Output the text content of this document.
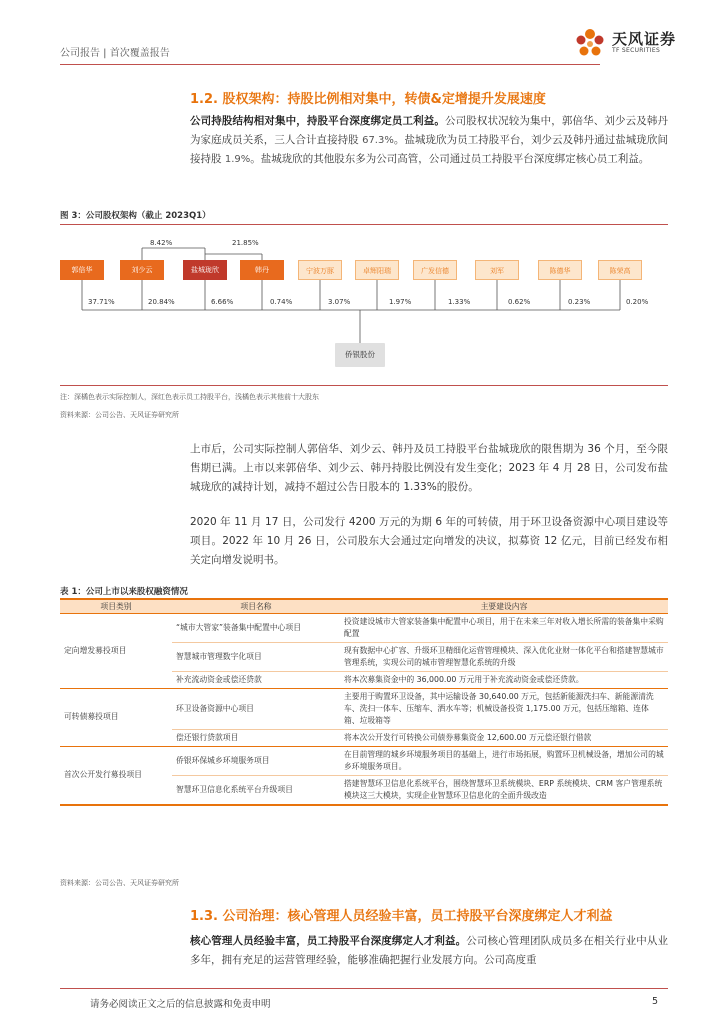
公司报告 | 首次覆盖报告
天风证券
TF SECURITIES
1.2. 股权架构：持股比例相对集中，转债&定增提升发展速度
公司持股结构相对集中，持股平台深度绑定员工利益。公司股权状况较为集中，郭倍华、刘少云及韩丹为家庭成员关系，三人合计直接持股 67.3%。盐城珑欣为员工持股平台，刘少云及韩丹通过盐城珑欣间接持股 1.9%。盐城珑欣的其他股东多为公司高管，公司通过员工持股平台深度绑定核心员工利益。
图 3：公司股权架构（截止 2023Q1）
8.42%	21.85%
郭倍华	刘少云	盐城珑欣	韩丹	宁波万豚	卓辉阳瑞	广发信德	刘军	陈德华	陈荣高
37.71%	20.84%	6.66%	0.74%	3.07%	1.97%	1.33%	0.62%	0.23%	0.20%
侨银股份
注：深橘色表示实际控制人，深红色表示员工持股平台，浅橘色表示其他前十大股东
资料来源：公司公告、天风证券研究所
上市后，公司实际控制人郭倍华、刘少云、韩丹及员工持股平台盐城珑欣的限售期为 36 个月，至今限售期已满。上市以来郭倍华、刘少云、韩丹持股比例没有发生变化；2023 年 4 月 28 日，公司发布盐城珑欣的减持计划，减持不超过公告日股本的 1.33%的股份。
2020 年 11 月 17 日，公司发行 4200 万元的为期 6 年的可转债，用于环卫设备资源中心项目建设等项目。2022 年 10 月 26 日，公司股东大会通过定向增发的决议，拟募资 12 亿元，目前已经发布相关定向增发说明书。
表 1：公司上市以来股权融资情况
项目类别	项目名称	主要建设内容
定向增发募投项目	“城市大管家”装备集中配置中心项目	投资建设城市大管家装备集中配置中心项目，用于在未来三年对收入增长所需的装备集中采购配置
	智慧城市管理数字化项目	现有数据中心扩容、升级环卫精细化运营管理模块、深入优化业财一体化平台和搭建智慧城市管理系统，实现公司的城市管理智慧化系统的升级
	补充流动资金或偿还贷款	将本次募集资金中的 36,000.00 万元用于补充流动资金或偿还贷款。
可转债募投项目	环卫设备资源中心项目	主要用于购置环卫设备，其中运输设备 30,640.00 万元，包括新能源洗扫车、新能源清洗车、洗扫一体车、压缩车、洒水车等；机械设备投资 1,175.00 万元，包括压缩箱、连体箱、垃圾箱等
	偿还银行贷款项目	将本次公开发行可转换公司债券募集资金 12,600.00 万元偿还银行借款
首次公开发行募投项目	侨银环保城乡环境服务项目	在目前管理的城乡环境服务项目的基础上，进行市场拓展，购置环卫机械设备，增加公司的城乡环境服务项目。
	智慧环卫信息化系统平台升级项目	搭建智慧环卫信息化系统平台，围绕智慧环卫系统模块、ERP 系统模块、CRM 客户管理系统模块这三大模块，实现企业智慧环卫信息化的全面升级改造
资料来源：公司公告、天风证券研究所
1.3. 公司治理：核心管理人员经验丰富，员工持股平台深度绑定人才利益
核心管理人员经验丰富，员工持股平台深度绑定人才利益。公司核心管理团队成员多在相关行业中从业多年，拥有充足的运营管理经验，能够准确把握行业发展方向。公司高度重
请务必阅读正文之后的信息披露和免责申明	5
